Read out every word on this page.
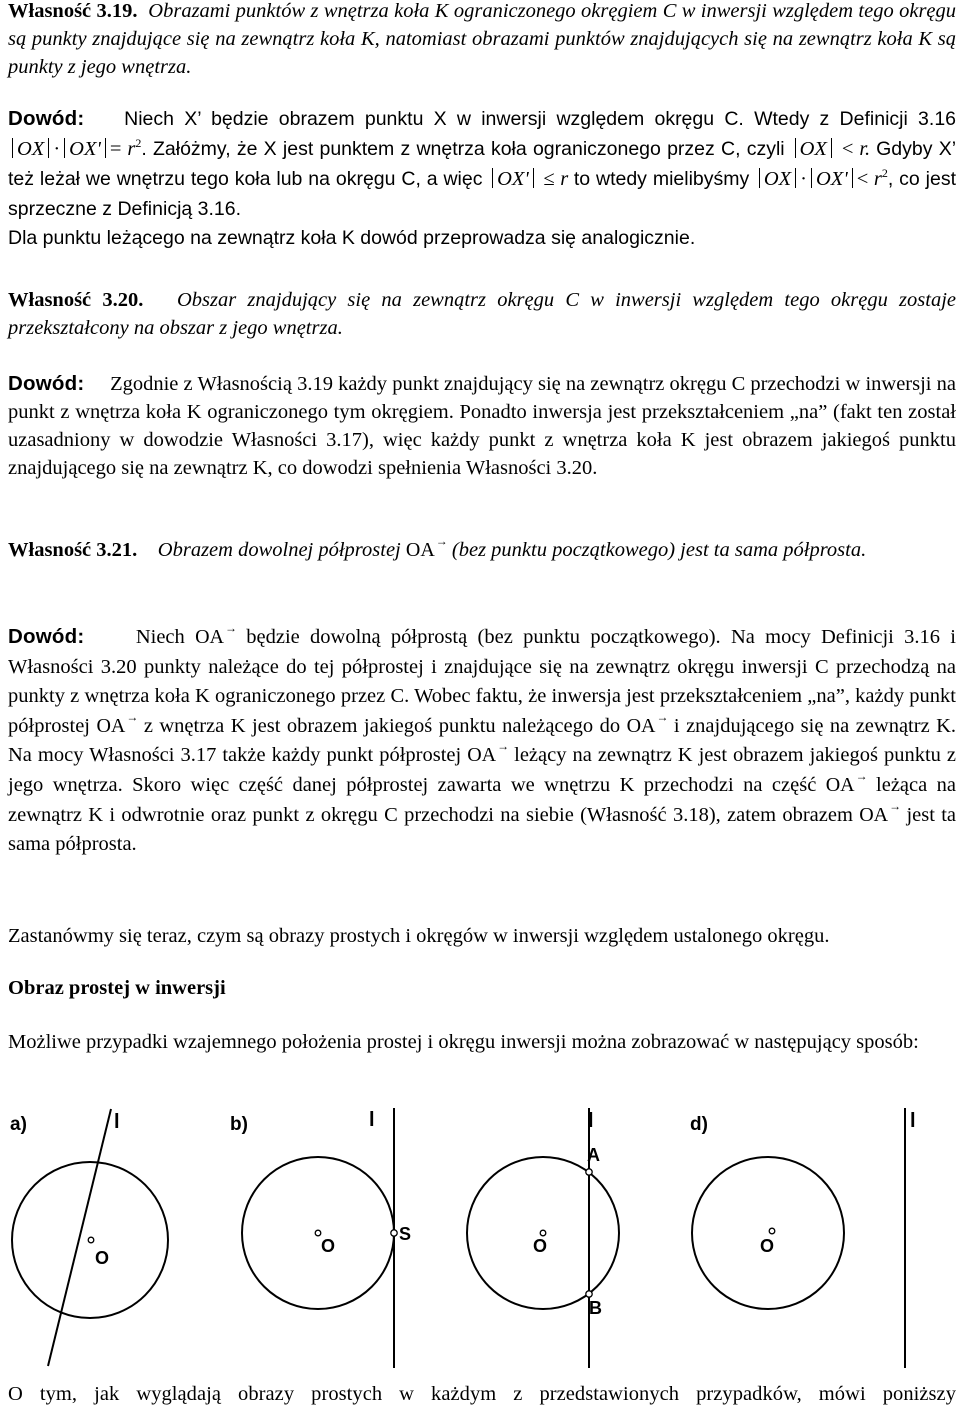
Własność 3.19. Obrazami punktów z wnętrza koła K ograniczonego okręgiem C w inwersji względem tego okręgu są punkty znajdujące się na zewnątrz koła K, natomiast obrazami punktów znajdujących się na zewnątrz koła K są punkty z jego wnętrza.

Dowód: Niech X’ będzie obrazem punktu X w inwersji względem okręgu C. Wtedy z Definicji 3.16 OX · $OX' = r^2$. Załóżmy, że X jest punktem z wnętrza koła ograniczonego przez C, czyli OX < r. Gdyby X’ też leżał we wnętrzu tego koła lub na okręgu C, a więc OX' ≤ r to wtedy mielibyśmy OX · $OX' < r^2$, co jest sprzeczne z Definicją 3.16.

Dla punktu leżącego na zewnątrz koła K dowód przeprowadza się analogicznie.

Własność 3.20. Obszar znajdujący się na zewnątrz okręgu C w inwersji względem tego okręgu zostaje przekształcony na obszar z jego wnętrza.

Dowód: Zgodnie z Własnością 3.19 każdy punkt znajdujący się na zewnątrz okręgu C przechodzi w inwersji na punkt z wnętrza koła K ograniczonego tym okręgiem. Ponadto inwersja jest przekształceniem „na” (fakt ten został uzasadniony w dowodzie Własności 3.17), więc każdy punkt z wnętrza koła K jest obrazem jakiegoś punktu znajdującego się na zewnątrz K, co dowodzi spełnienia Własności 3.20.

Własność 3.21. Obrazem dowolnej półprostej OA → (bez punktu początkowego) jest ta sama półprosta.

Dowód:	Niech OA → będzie dowolną półprostą (bez punktu początkowego). Na mocy Definicji 3.16 i Własności 3.20 punkty należące do tej półprostej i znajdujące się na zewnątrz okręgu inwersji C przechodzą na punkty z wnętrza koła K ograniczonego przez C. Wobec faktu, że inwersja jest przekształceniem „na”, każdy punkt półprostej OA → z wnętrza K jest obrazem jakiegoś punktu należącego do OA → i znajdującego się na zewnątrz K. Na mocy Własności 3.17 także każdy punkt półprostej OA → leżący na zewnątrz K jest obrazem jakiegoś punktu z jego wnętrza. Skoro więc część danej półprostej zawarta we wnętrzu K przechodzi na część OA → leżąca na zewnątrz K i odwrotnie oraz punkt z okręgu C przechodzi na siebie (Własność 3.18), zatem obrazem OA → jest ta sama półprosta.

Zastanówmy się teraz, czym są obrazy prostych i okręgów w inwersji względem ustalonego okręgu.

Obraz prostej w inwersji

Możliwe przypadki wzajemnego położenia prostej i okręgu inwersji można zobrazować w następujący sposób:

a)	l
O
b)	l
S
O
l
A
B
O
d)	l
O

O tym, jak wyglądają obrazy prostych w każdym z przedstawionych przypadków, mówi poniższy
